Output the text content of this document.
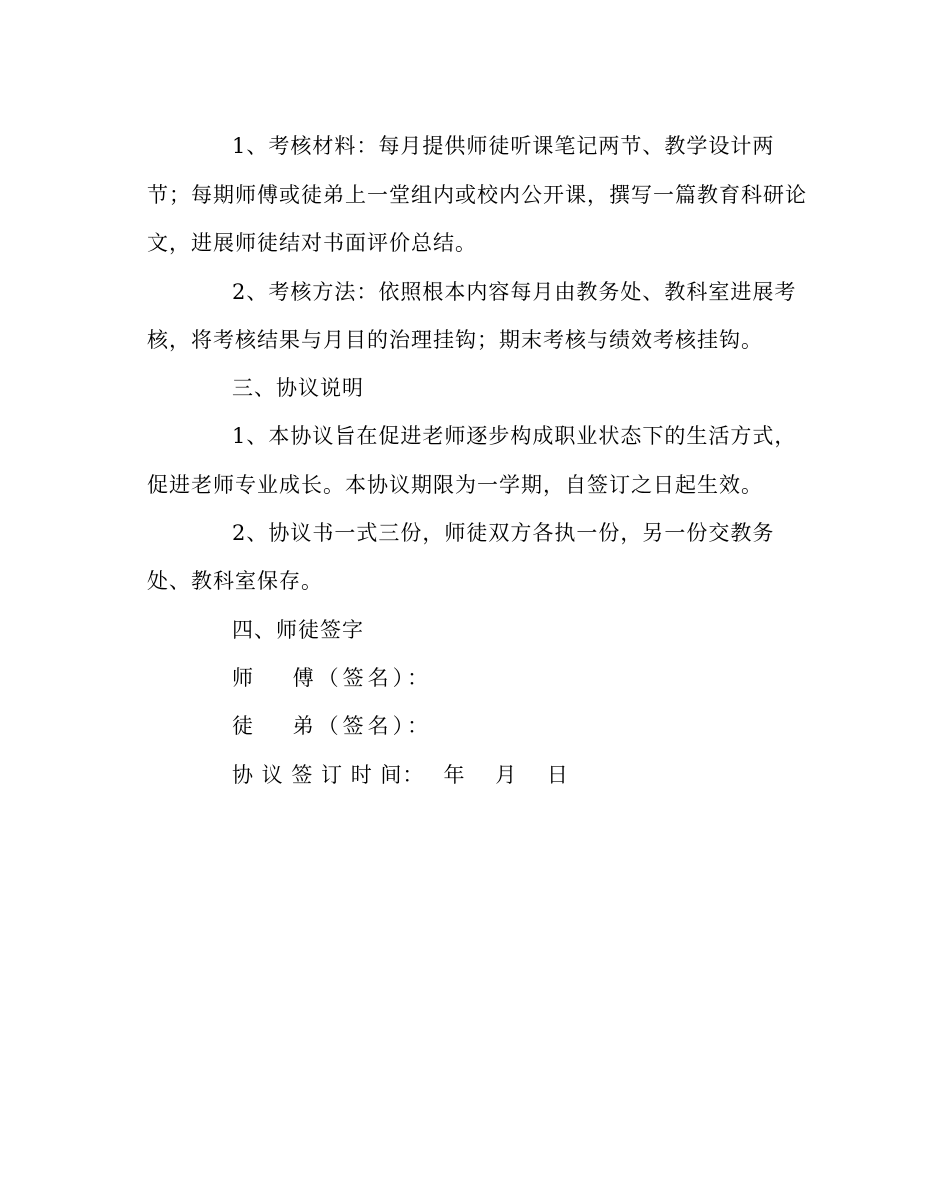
1、考核材料：每月提供师徒听课笔记两节、教学设计两
节；每期师傅或徒弟上一堂组内或校内公开课，撰写一篇教育科研论
文，进展师徒结对书面评价总结。
2、考核方法：依照根本内容每月由教务处、教科室进展考
核，将考核结果与月目的治理挂钩；期末考核与绩效考核挂钩。
三、协议说明
1、本协议旨在促进老师逐步构成职业状态下的生活方式，
促进老师专业成长。本协议期限为一学期，自签订之日起生效。
2、协议书一式三份，师徒双方各执一份，另一份交教务
处、教科室保存。
四、师徒签字
师　 傅（签名）：
徒　 弟（签名）：
协 议 签 订 时 间：　 年　 月　 日
